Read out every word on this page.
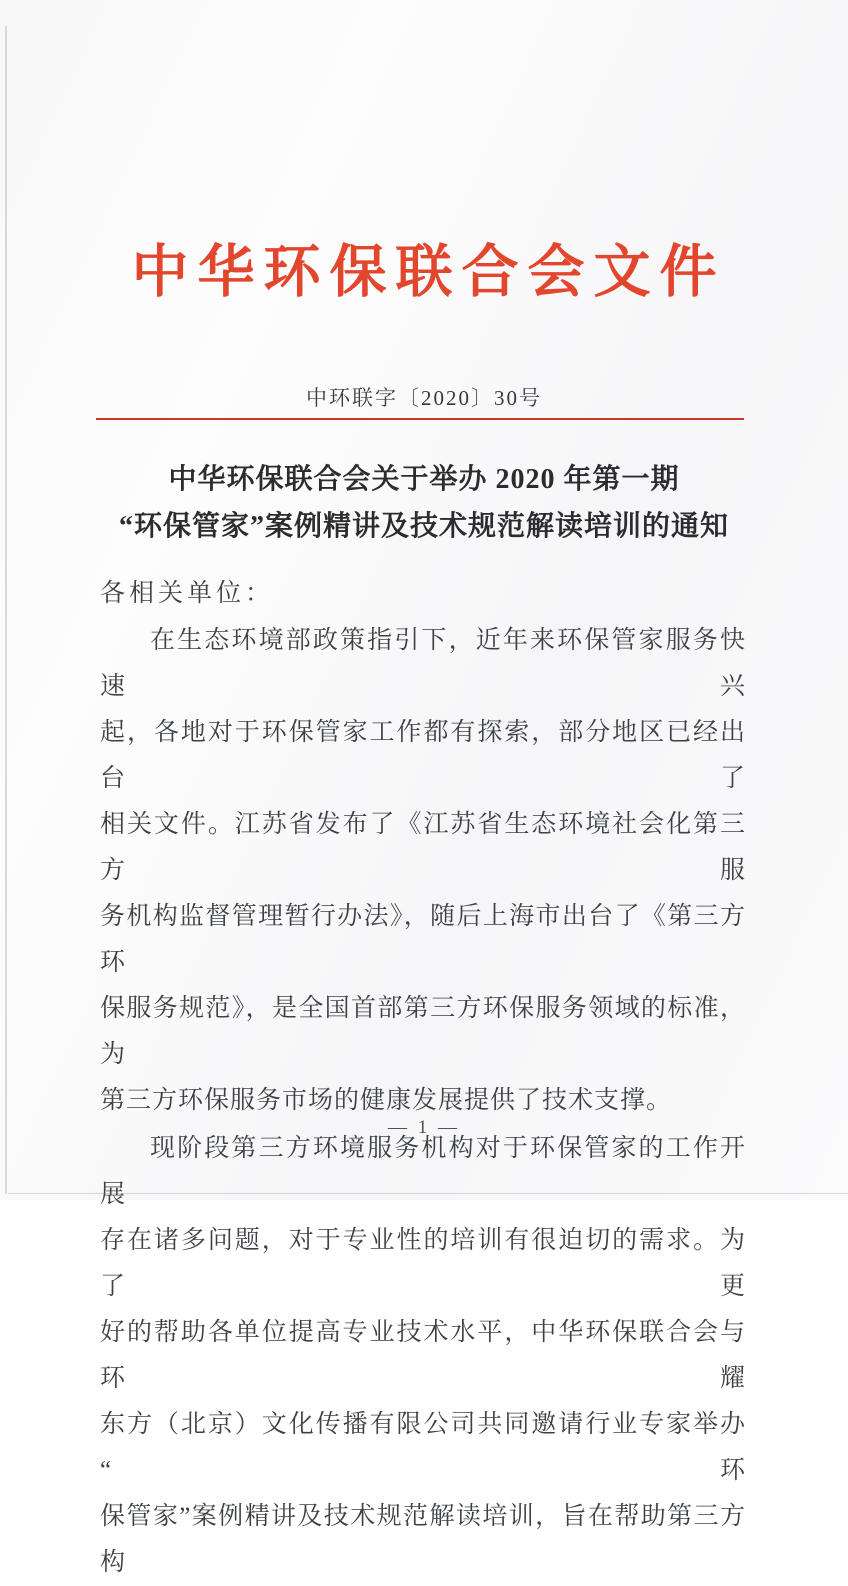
中华环保联合会文件
中环联字〔2020〕30号
中华环保联合会关于举办 2020 年第一期
“环保管家”案例精讲及技术规范解读培训的通知
各相关单位：
在生态环境部政策指引下，近年来环保管家服务快速兴
起，各地对于环保管家工作都有探索，部分地区已经出台了
相关文件。江苏省发布了《江苏省生态环境社会化第三方服
务机构监督管理暂行办法》，随后上海市出台了《第三方环
保服务规范》，是全国首部第三方环保服务领域的标准，为
第三方环保服务市场的健康发展提供了技术支撑。
现阶段第三方环境服务机构对于环保管家的工作开展
存在诸多问题，对于专业性的培训有很迫切的需求。为了更
好的帮助各单位提高专业技术水平，中华环保联合会与环耀
东方（北京）文化传播有限公司共同邀请行业专家举办“环
保管家”案例精讲及技术规范解读培训，旨在帮助第三方构
— 1 —
